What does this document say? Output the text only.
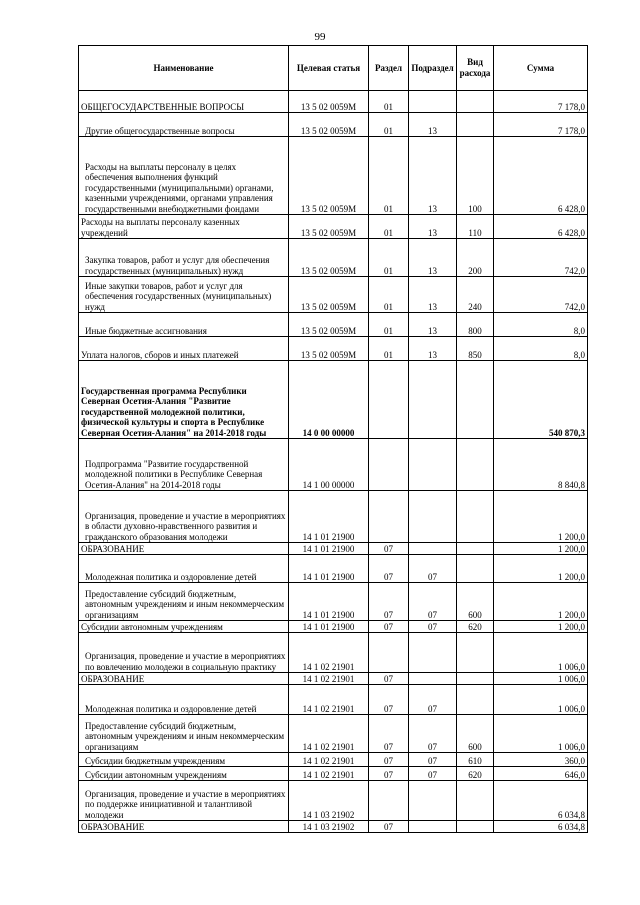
99
Наименование	Целевая статья	Раздел	Подраздел	Вид расхода	Сумма
ОБЩЕГОСУДАРСТВЕННЫЕ ВОПРОСЫ	13 5 02 0059М	01			7 178,0
Другие общегосударственные вопросы	13 5 02 0059М	01	13		7 178,0
Расходы на выплаты персоналу в целях обеспечения выполнения функций государственными (муниципальными) органами, казенными учреждениями, органами управления государственными внебюджетными фондами	13 5 02 0059М	01	13	100	6 428,0
Расходы на выплаты персоналу казенных учреждений	13 5 02 0059М	01	13	110	6 428,0
Закупка товаров, работ и услуг для обеспечения государственных (муниципальных) нужд	13 5 02 0059М	01	13	200	742,0
Иные закупки товаров, работ и услуг для обеспечения государственных (муниципальных) нужд	13 5 02 0059М	01	13	240	742,0
Иные бюджетные ассигнования	13 5 02 0059М	01	13	800	8,0
Уплата налогов, сборов и иных платежей	13 5 02 0059М	01	13	850	8,0
Государственная программа Республики Северная Осетия-Алания "Развитие государственной молодежной политики, физической культуры и спорта в Республике Северная Осетия-Алания" на 2014-2018 годы	14 0 00 00000				540 870,3
Подпрограмма "Развитие государственной молодежной политики в Республике Северная Осетия-Алания" на 2014-2018 годы	14 1 00 00000				8 840,8
Организация, проведение и участие в мероприятиях в области духовно-нравственного развития и гражданского образования молодежи	14 1 01 21900				1 200,0
ОБРАЗОВАНИЕ	14 1 01 21900	07			1 200,0
Молодежная политика и оздоровление детей	14 1 01 21900	07	07		1 200,0
Предоставление субсидий бюджетным, автономным учреждениям и иным некоммерческим организациям	14 1 01 21900	07	07	600	1 200,0
Субсидии автономным учреждениям	14 1 01 21900	07	07	620	1 200,0
Организация, проведение и участие в мероприятиях по вовлечению молодежи в социальную практику	14 1 02 21901				1 006,0
ОБРАЗОВАНИЕ	14 1 02 21901	07			1 006,0
Молодежная политика и оздоровление детей	14 1 02 21901	07	07		1 006,0
Предоставление субсидий бюджетным, автономным учреждениям и иным некоммерческим организациям	14 1 02 21901	07	07	600	1 006,0
Субсидии бюджетным учреждениям	14 1 02 21901	07	07	610	360,0
Субсидии автономным учреждениям	14 1 02 21901	07	07	620	646,0
Организация, проведение и участие в мероприятиях по поддержке инициативной и талантливой молодежи	14 1 03 21902				6 034,8
ОБРАЗОВАНИЕ	14 1 03 21902	07			6 034,8
